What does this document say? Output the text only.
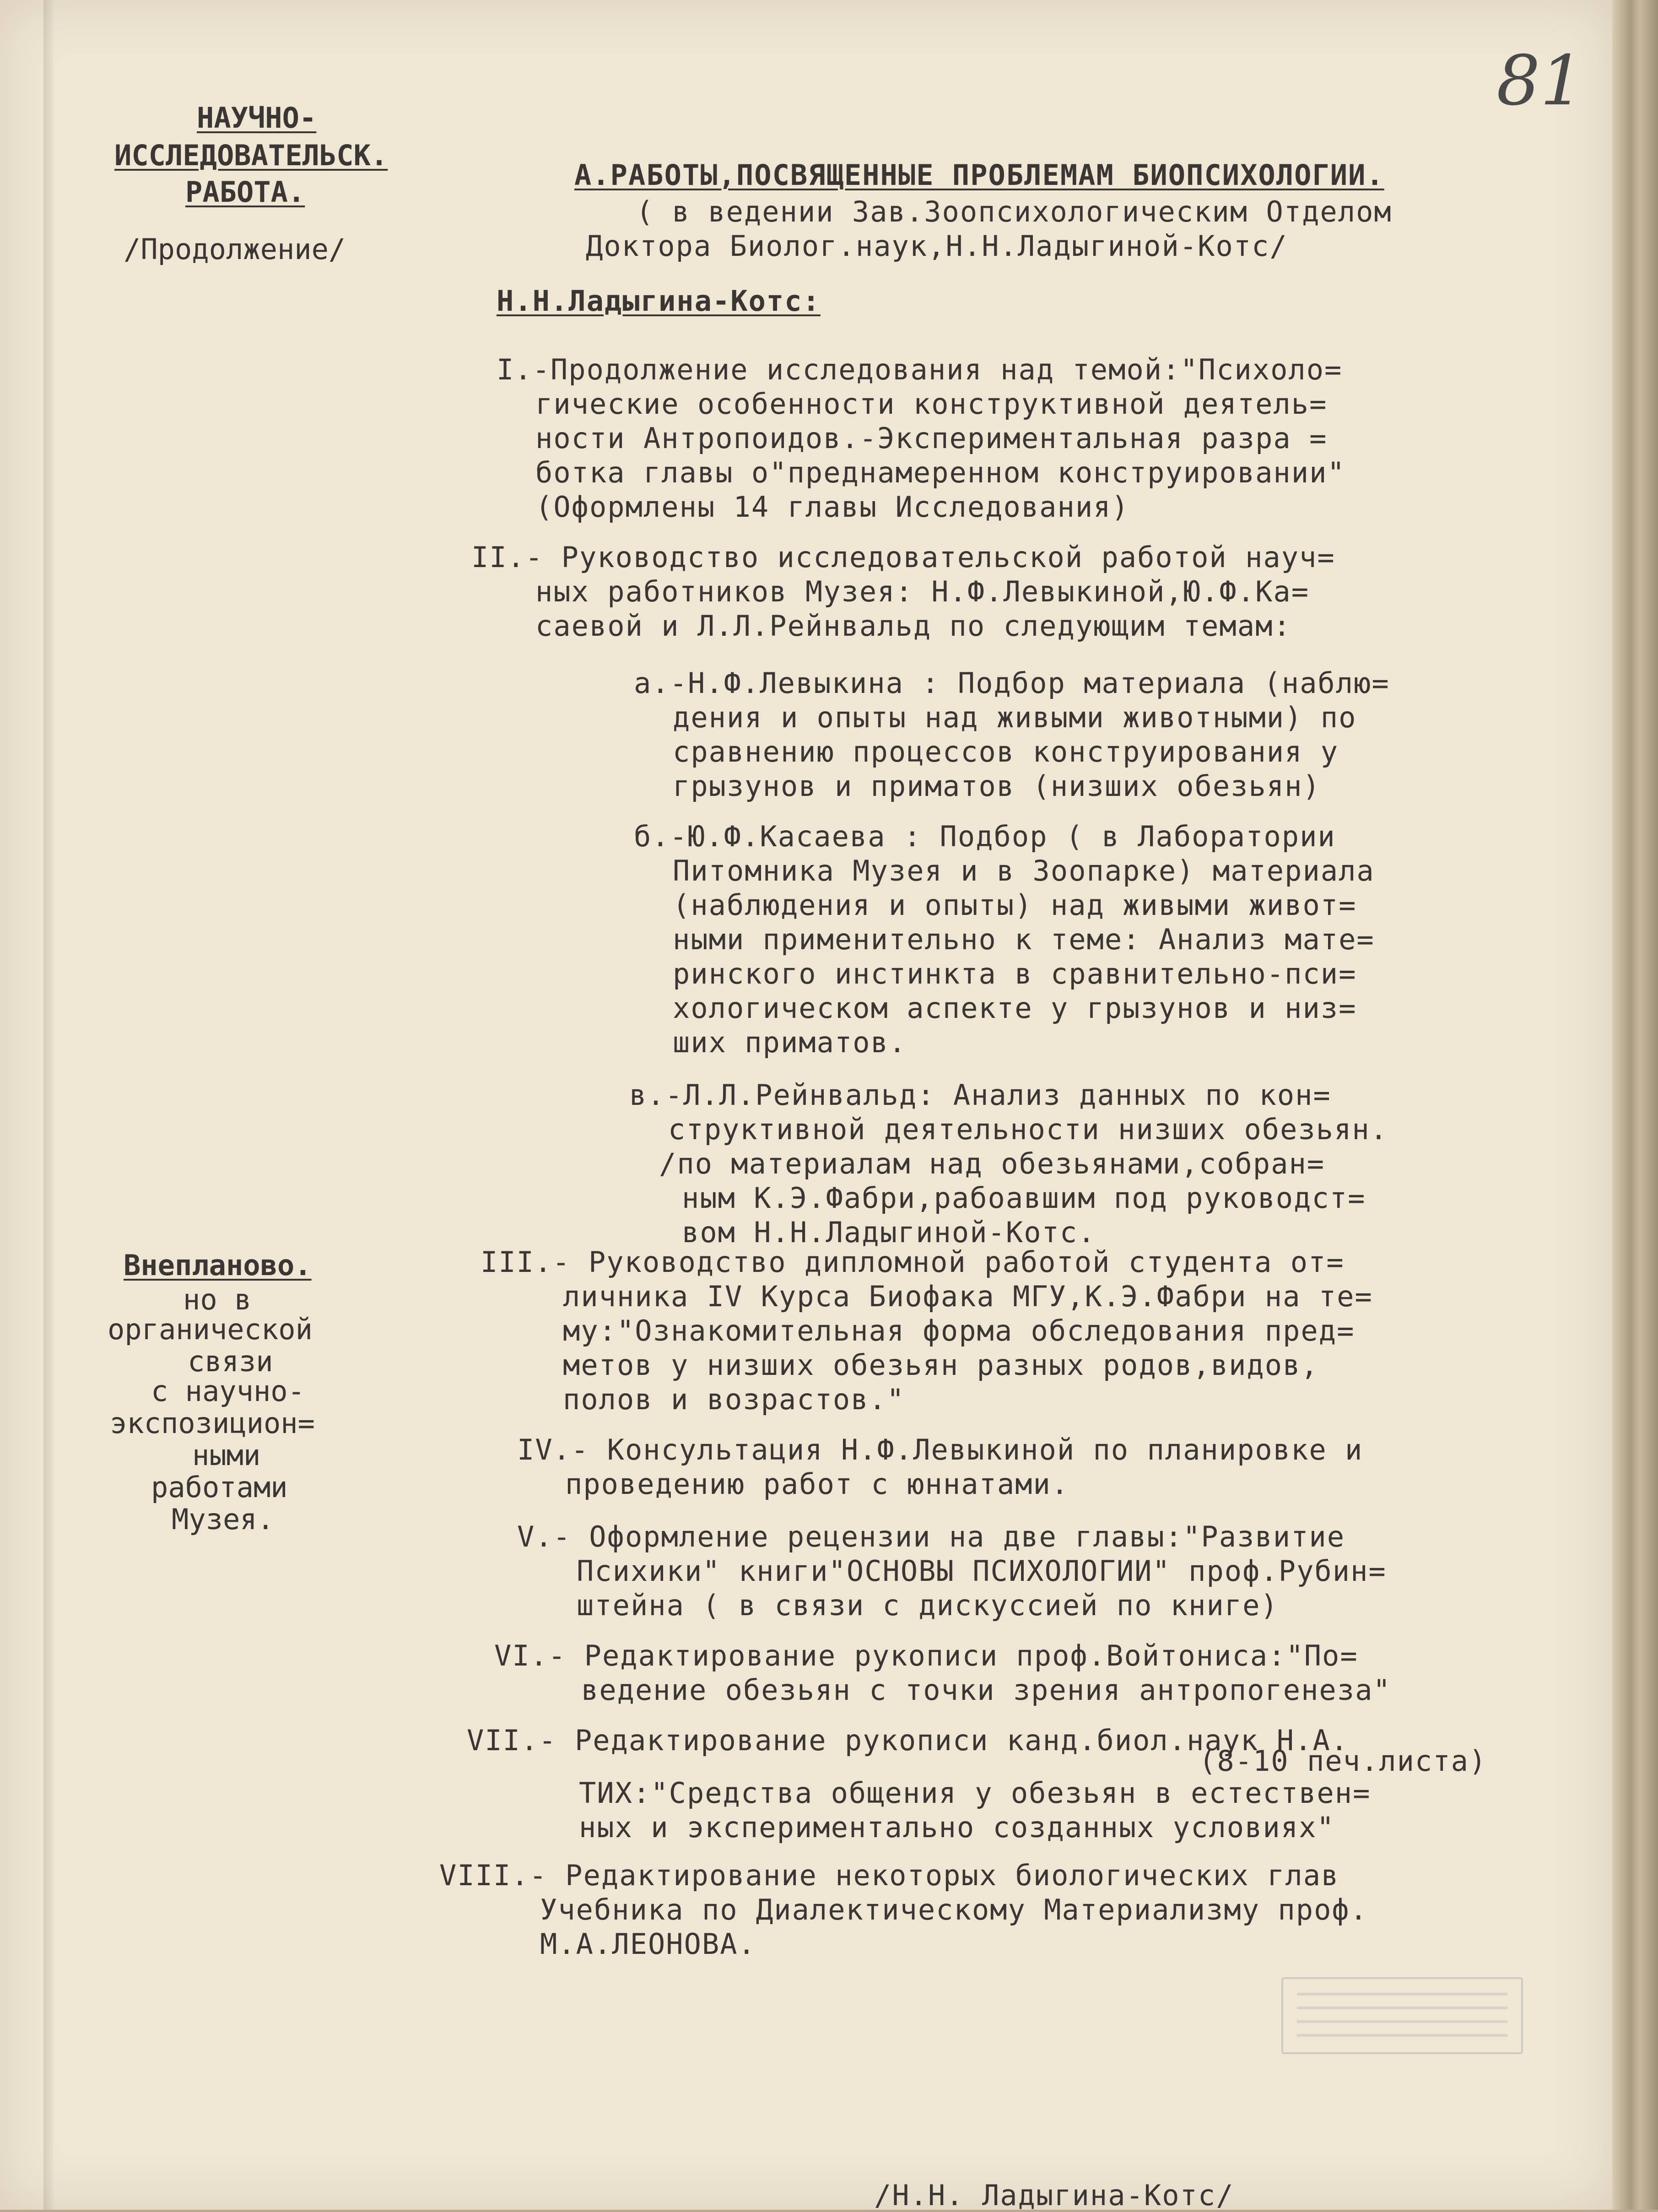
81
НАУЧНО-
ИССЛЕДОВАТЕЛЬСК.
РАБОТА.
/Продолжение/
Внепланово.
но в
органической
связи
с научно-
экспозицион=
ными
работами
Музея.
А.РАБОТЫ,ПОСВЯЩЕННЫЕ ПРОБЛЕМАМ БИОПСИХОЛОГИИ.
( в ведении Зав.Зоопсихологическим Отделом
Доктора Биолог.наук,Н.Н.Ладыгиной-Котс/
Н.Н.Ладыгина-Котс:
I.-Продолжение исследования над темой:"Психоло=
гические особенности конструктивной деятель=
ности Антропоидов.-Экспериментальная разра =
ботка главы о"преднамеренном конструировании"
(Оформлены 14 главы Исследования)
II.- Руководство исследовательской работой науч=
ных работников Музея: Н.Ф.Левыкиной,Ю.Ф.Ка=
саевой и Л.Л.Рейнвальд по следующим темам:
а.-Н.Ф.Левыкина : Подбор материала (наблю=
дения и опыты над живыми животными) по
сравнению процессов конструирования у
грызунов и приматов (низших обезьян)
б.-Ю.Ф.Касаева : Подбор ( в Лаборатории
Питомника Музея и в Зоопарке) материала
(наблюдения и опыты) над живыми живот=
ными применительно к теме: Анализ мате=
ринского инстинкта в сравнительно-пси=
хологическом аспекте у грызунов и низ=
ших приматов.
в.-Л.Л.Рейнвальд: Анализ данных по кон=
структивной деятельности низших обезьян.
/по материалам над обезьянами,собран=
ным К.Э.Фабри,рабоавшим под руководст=
вом Н.Н.Ладыгиной-Котс.
III.- Руководство дипломной работой студента от=
личника IV Курса Биофака МГУ,К.Э.Фабри на те=
му:"Ознакомительная форма обследования пред=
метов у низших обезьян разных родов,видов,
полов и возрастов."
IV.- Консультация Н.Ф.Левыкиной по планировке и
проведению работ с юннатами.
V.- Оформление рецензии на две главы:"Развитие
Психики" книги"ОСНОВЫ ПСИХОЛОГИИ" проф.Рубин=
штейна ( в связи с дискуссией по книге)
VI.- Редактирование рукописи проф.Войтониса:"По=
ведение обезьян с точки зрения антропогенеза"
(8-10 печ.листа)
VII.- Редактирование рукописи канд.биол.наук Н.А.
ТИХ:"Средства общения у обезьян в естествен=
ных и экспериментально созданных условиях"
VIII.- Редактирование некоторых биологических глав
Учебника по Диалектическому Материализму проф.
М.А.ЛЕОНОВА.
/Н.Н. Ладыгина-Котс/
